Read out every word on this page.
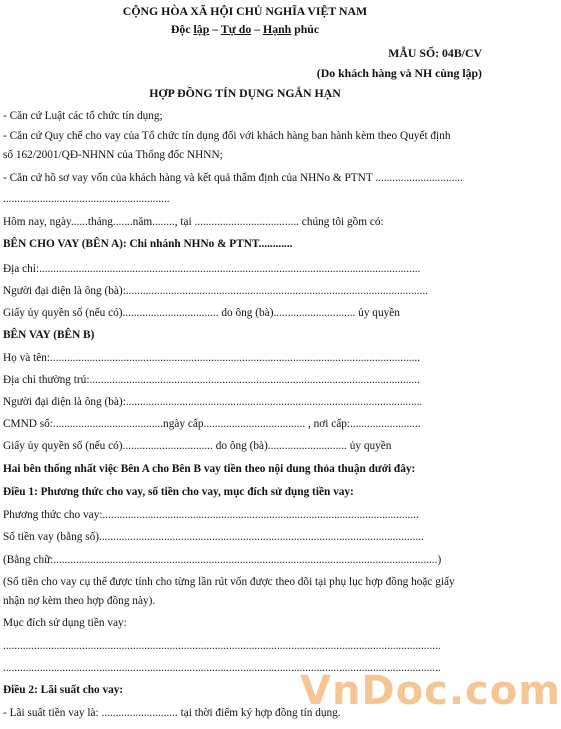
CỘNG HÒA XÃ HỘI CHỦ NGHĨA VIỆT NAM
Độc lập – Tự do – Hạnh phúc
MẪU SỐ: 04B/CV
(Do khách hàng và NH cùng lập)
HỢP ĐỒNG TÍN DỤNG NGẮN HẠN
- Căn cứ Luật các tổ chức tín dụng;
- Căn cứ Quy chế cho vay của Tổ chức tín dụng đối với khách hàng ban hành kèm theo Quyết định
số 162/2001/QĐ-NHNN của Thống đốc NHNN;
- Căn cứ hồ sơ vay vốn của khách hàng và kết quả thẩm định của NHNo & PTNT ...............................
...........................................................
Hôm nay, ngày......tháng.......năm........, tại ..................................... chúng tôi gồm có:
BÊN CHO VAY (BÊN A): Chi nhánh NHNo & PTNT............
Địa chỉ:.......................................................................................................................................
Người đại diện là ông (bà):...........................................................................................................
Giấy ủy quyền số (nếu có).................................. do ông (bà)............................. ủy quyền
BÊN VAY (BÊN B)
Họ và tên:...................................................................................................................................
Địa chỉ thường trú:.....................................................................................................................
Người đại diện là ông (bà):.........................................................................................................
CMND số:.......................................ngày cấp.................................... , nơi cấp:.........................
Giấy ủy quyền số (nếu có)................................ do ông (bà)............................ ủy quyền
Hai bên thống nhất việc Bên A cho Bên B vay tiền theo nội dung thỏa thuận dưới đây:
Điều 1: Phương thức cho vay, số tiền cho vay, mục đích sử dụng tiền vay:
Phương thức cho vay:................................................................................................................
Số tiền vay (bằng số)...................................................................................................................
(Bằng chữ:........................................................................................................................................)
(Số tiền cho vay cụ thể được tính cho từng lần rút vốn được theo dõi tại phụ lục hợp đồng hoặc giấy
nhận nợ kèm theo hợp đồng này).
Mục đích sử dụng tiền vay:
...........................................................................................................................................................
...........................................................................................................................................................
Điều 2: Lãi suất cho vay:
- Lãi suất tiền vay là: ........................... tại thời điểm ký hợp đồng tín dụng.
VnDoc.com
